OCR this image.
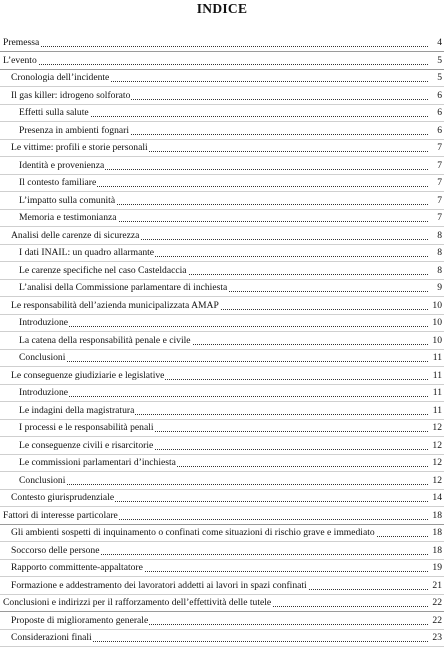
INDICE
Premessa	4
L’evento	5
Cronologia dell’incidente	5
Il gas killer: idrogeno solforato	6
Effetti sulla salute	6
Presenza in ambienti fognari	6
Le vittime: profili e storie personali	7
Identità e provenienza	7
Il contesto familiare	7
L’impatto sulla comunità	7
Memoria e testimonianza	7
Analisi delle carenze di sicurezza	8
I dati INAIL: un quadro allarmante	8
Le carenze specifiche nel caso Casteldaccia	8
L’analisi della Commissione parlamentare di inchiesta	9
Le responsabilità dell’azienda municipalizzata AMAP	10
Introduzione	10
La catena della responsabilità penale e civile	10
Conclusioni	11
Le conseguenze giudiziarie e legislative	11
Introduzione	11
Le indagini della magistratura	11
I processi e le responsabilità penali	12
Le conseguenze civili e risarcitorie	12
Le commissioni parlamentari d’inchiesta	12
Conclusioni	12
Contesto giurisprudenziale	14
Fattori di interesse particolare	18
Gli ambienti sospetti di inquinamento o confinati come situazioni di rischio grave e immediato	18
Soccorso delle persone	18
Rapporto committente-appaltatore	19
Formazione e addestramento dei lavoratori addetti ai lavori in spazi confinati	21
Conclusioni e indirizzi per il rafforzamento dell’effettività delle tutele	22
Proposte di miglioramento generale	22
Considerazioni finali	23
